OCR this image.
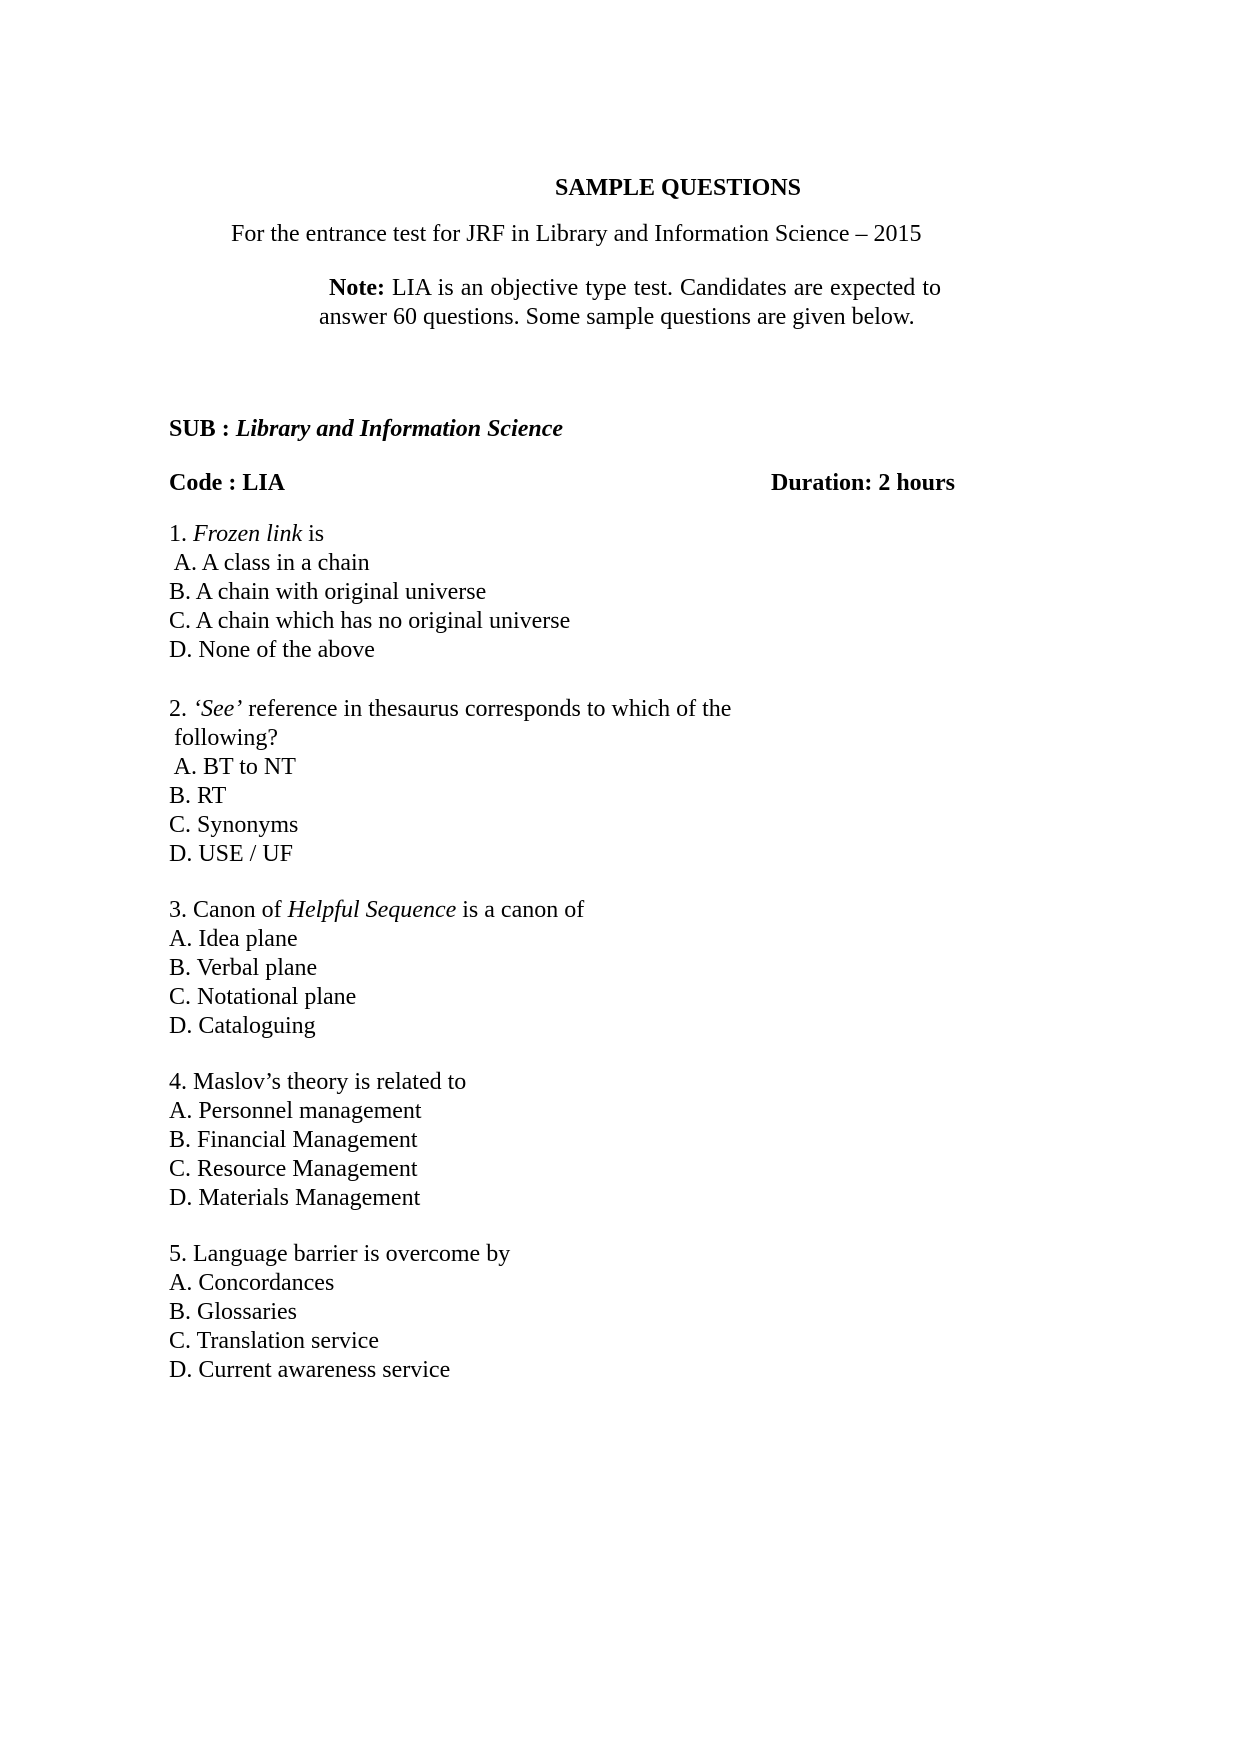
SAMPLE QUESTIONS
For the entrance test for JRF in Library and Information Science – 2015
Note: LIA is an objective type test. Candidates are expected to answer 60 questions. Some sample questions are given below.
SUB : Library and Information Science
Code : LIA	Duration: 2 hours
1. Frozen link is
A. A class in a chain
B. A chain with original universe
C. A chain which has no original universe
D. None of the above
2. ‘See’ reference in thesaurus corresponds to which of the
following?
A. BT to NT
B. RT
C. Synonyms
D. USE / UF
3. Canon of Helpful Sequence is a canon of
A. Idea plane
B. Verbal plane
C. Notational plane
D. Cataloguing
4. Maslov’s theory is related to
A. Personnel management
B. Financial Management
C. Resource Management
D. Materials Management
5. Language barrier is overcome by
A. Concordances
B. Glossaries
C. Translation service
D. Current awareness service
